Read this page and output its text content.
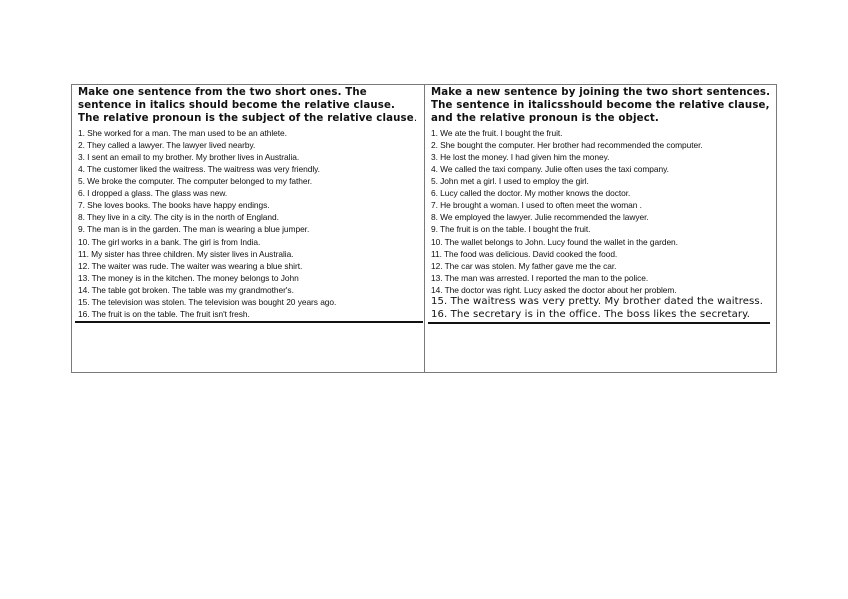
Make one sentence from the two short ones. The sentence in italics should become the relative clause. The relative pronoun is the subject of the relative clause.

1. She worked for a man. The man used to be an athlete.
2. They called a lawyer. The lawyer lived nearby.
3. I sent an email to my brother. My brother lives in Australia.
4. The customer liked the waitress. The waitress was very friendly.
5. We broke the computer. The computer belonged to my father.
6. I dropped a glass. The glass was new.
7. She loves books. The books have happy endings.
8. They live in a city. The city is in the north of England.
9. The man is in the garden. The man is wearing a blue jumper.
10. The girl works in a bank. The girl is from India.
11. My sister has three children. My sister lives in Australia.
12. The waiter was rude. The waiter was wearing a blue shirt.
13. The money is in the kitchen. The money belongs to John
14. The table got broken. The table was my grandmother's.
15. The television was stolen. The television was bought 20 years ago.
16. The fruit is on the table. The fruit isn't fresh.

Make a new sentence by joining the two short sentences. The sentence in italicsshould become the relative clause, and the relative pronoun is the object.

1. We ate the fruit. I bought the fruit.
2. She bought the computer. Her brother had recommended the computer.
3. He lost the money. I had given him the money.
4. We called the taxi company. Julie often uses the taxi company.
5. John met a girl. I used to employ the girl.
6. Lucy called the doctor. My mother knows the doctor.
7. He brought a woman. I used to often meet the woman .
8. We employed the lawyer. Julie recommended the lawyer.
9. The fruit is on the table. I bought the fruit.
10. The wallet belongs to John. Lucy found the wallet in the garden.
11. The food was delicious. David cooked the food.
12. The car was stolen. My father gave me the car.
13. The man was arrested. I reported the man to the police.
14. The doctor was right. Lucy asked the doctor about her problem.
15. The waitress was very pretty. My brother dated the waitress.
16. The secretary is in the office. The boss likes the secretary.
